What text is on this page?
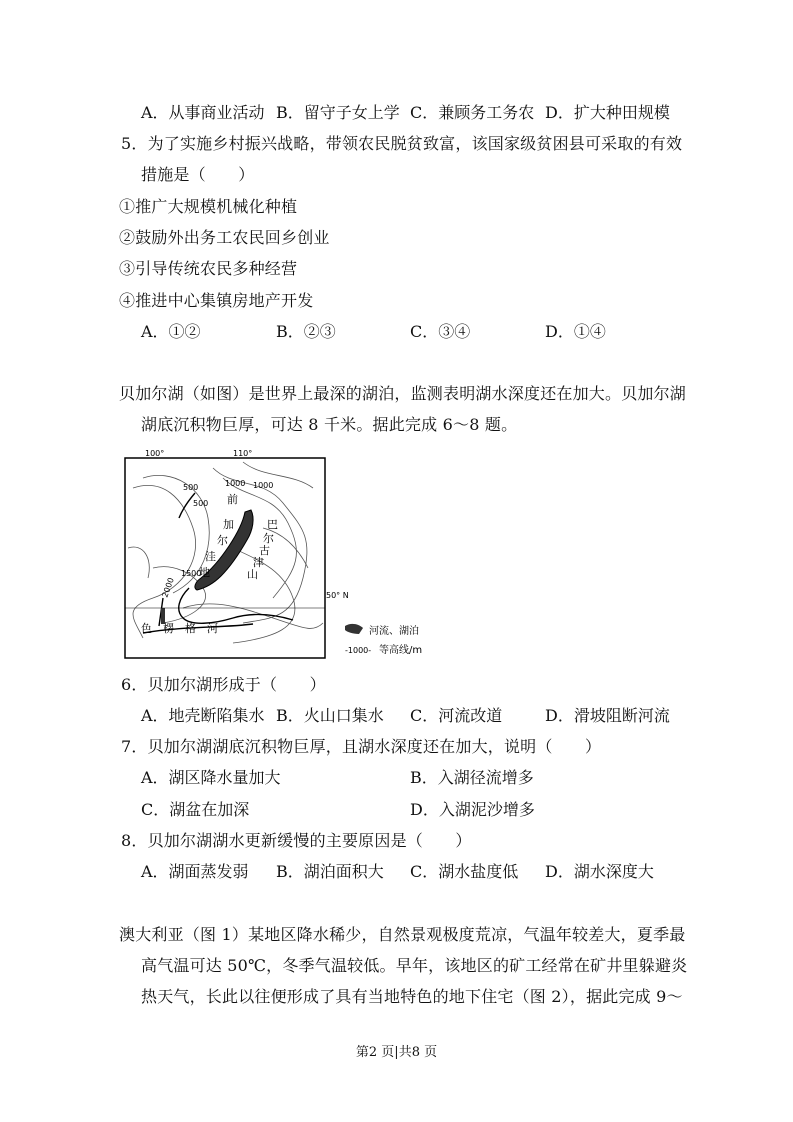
A．从事商业活动 B．留守子女上学 C．兼顾务工务农 D．扩大种田规模
5．为了实施乡村振兴战略，带领农民脱贫致富，该国家级贫困县可采取的有效
措施是（　　）
①推广大规模机械化种植
②鼓励外出务工农民回乡创业
③引导传统农民多种经营
④推进中心集镇房地产开发
A．①②	B．②③	C．③④	D．①④
贝加尔湖（如图）是世界上最深的湖泊，监测表明湖水深度还在加大。贝加尔湖
湖底沉积物巨厚，可达 8 千米。据此完成 6～8 题。
100°	110°
50° N
500
500
1000 1000
1500
2000
前
加
尔
洼
地
巴
尔
古
津
山
色　楞　格　河	河流、湖泊
-1000- 等高线/m
6．贝加尔湖形成于（　　）
A．地壳断陷集水 B．火山口集水 C．河流改道	D．滑坡阻断河流
7．贝加尔湖湖底沉积物巨厚，且湖水深度还在加大，说明（　　）
A．湖区降水量加大	B．入湖径流增多
C．湖盆在加深	D．入湖泥沙增多
8．贝加尔湖湖水更新缓慢的主要原因是（　　）
A．湖面蒸发弱 B．湖泊面积大 C．湖水盐度低 D．湖水深度大
澳大利亚（图 1）某地区降水稀少，自然景观极度荒凉，气温年较差大，夏季最
高气温可达 50℃，冬季气温较低。早年，该地区的矿工经常在矿井里躲避炎
热天气，长此以往便形成了具有当地特色的地下住宅（图 2），据此完成 9～
第2 页|共8 页
